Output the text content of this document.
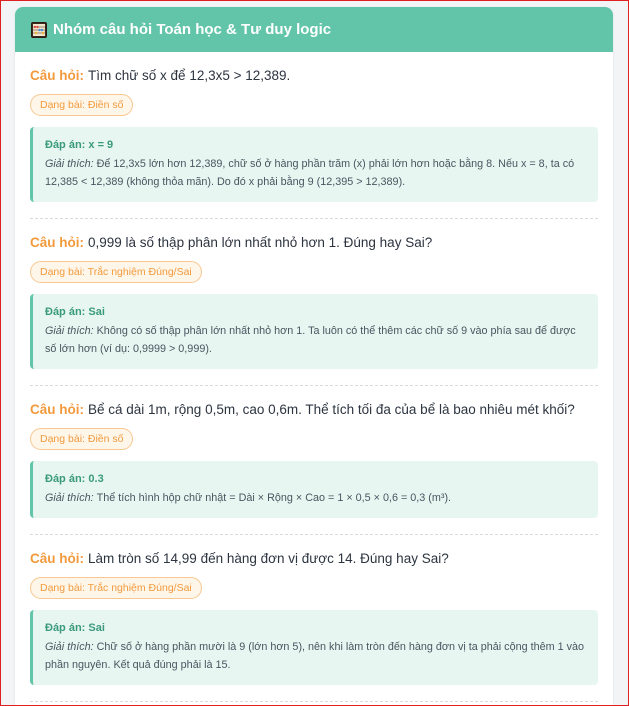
Nhóm câu hỏi Toán học & Tư duy logic
Câu hỏi: Tìm chữ số x để 12,3x5 > 12,389.
Dạng bài: Điền số
Đáp án: x = 9
Giải thích: Để 12,3x5 lớn hơn 12,389, chữ số ở hàng phần trăm (x) phải lớn hơn hoặc bằng 8. Nếu x = 8, ta có 12,385 < 12,389 (không thỏa mãn). Do đó x phải bằng 9 (12,395 > 12,389).
Câu hỏi: 0,999 là số thập phân lớn nhất nhỏ hơn 1. Đúng hay Sai?
Dạng bài: Trắc nghiệm Đúng/Sai
Đáp án: Sai
Giải thích: Không có số thập phân lớn nhất nhỏ hơn 1. Ta luôn có thể thêm các chữ số 9 vào phía sau để được số lớn hơn (ví dụ: 0,9999 > 0,999).
Câu hỏi: Bể cá dài 1m, rộng 0,5m, cao 0,6m. Thể tích tối đa của bể là bao nhiêu mét khối?
Dạng bài: Điền số
Đáp án: 0.3
Giải thích: Thể tích hình hộp chữ nhật = Dài × Rộng × Cao = 1 × 0,5 × 0,6 = 0,3 (m³).
Câu hỏi: Làm tròn số 14,99 đến hàng đơn vị được 14. Đúng hay Sai?
Dạng bài: Trắc nghiệm Đúng/Sai
Đáp án: Sai
Giải thích: Chữ số ở hàng phần mười là 9 (lớn hơn 5), nên khi làm tròn đến hàng đơn vị ta phải cộng thêm 1 vào phần nguyên. Kết quả đúng phải là 15.
